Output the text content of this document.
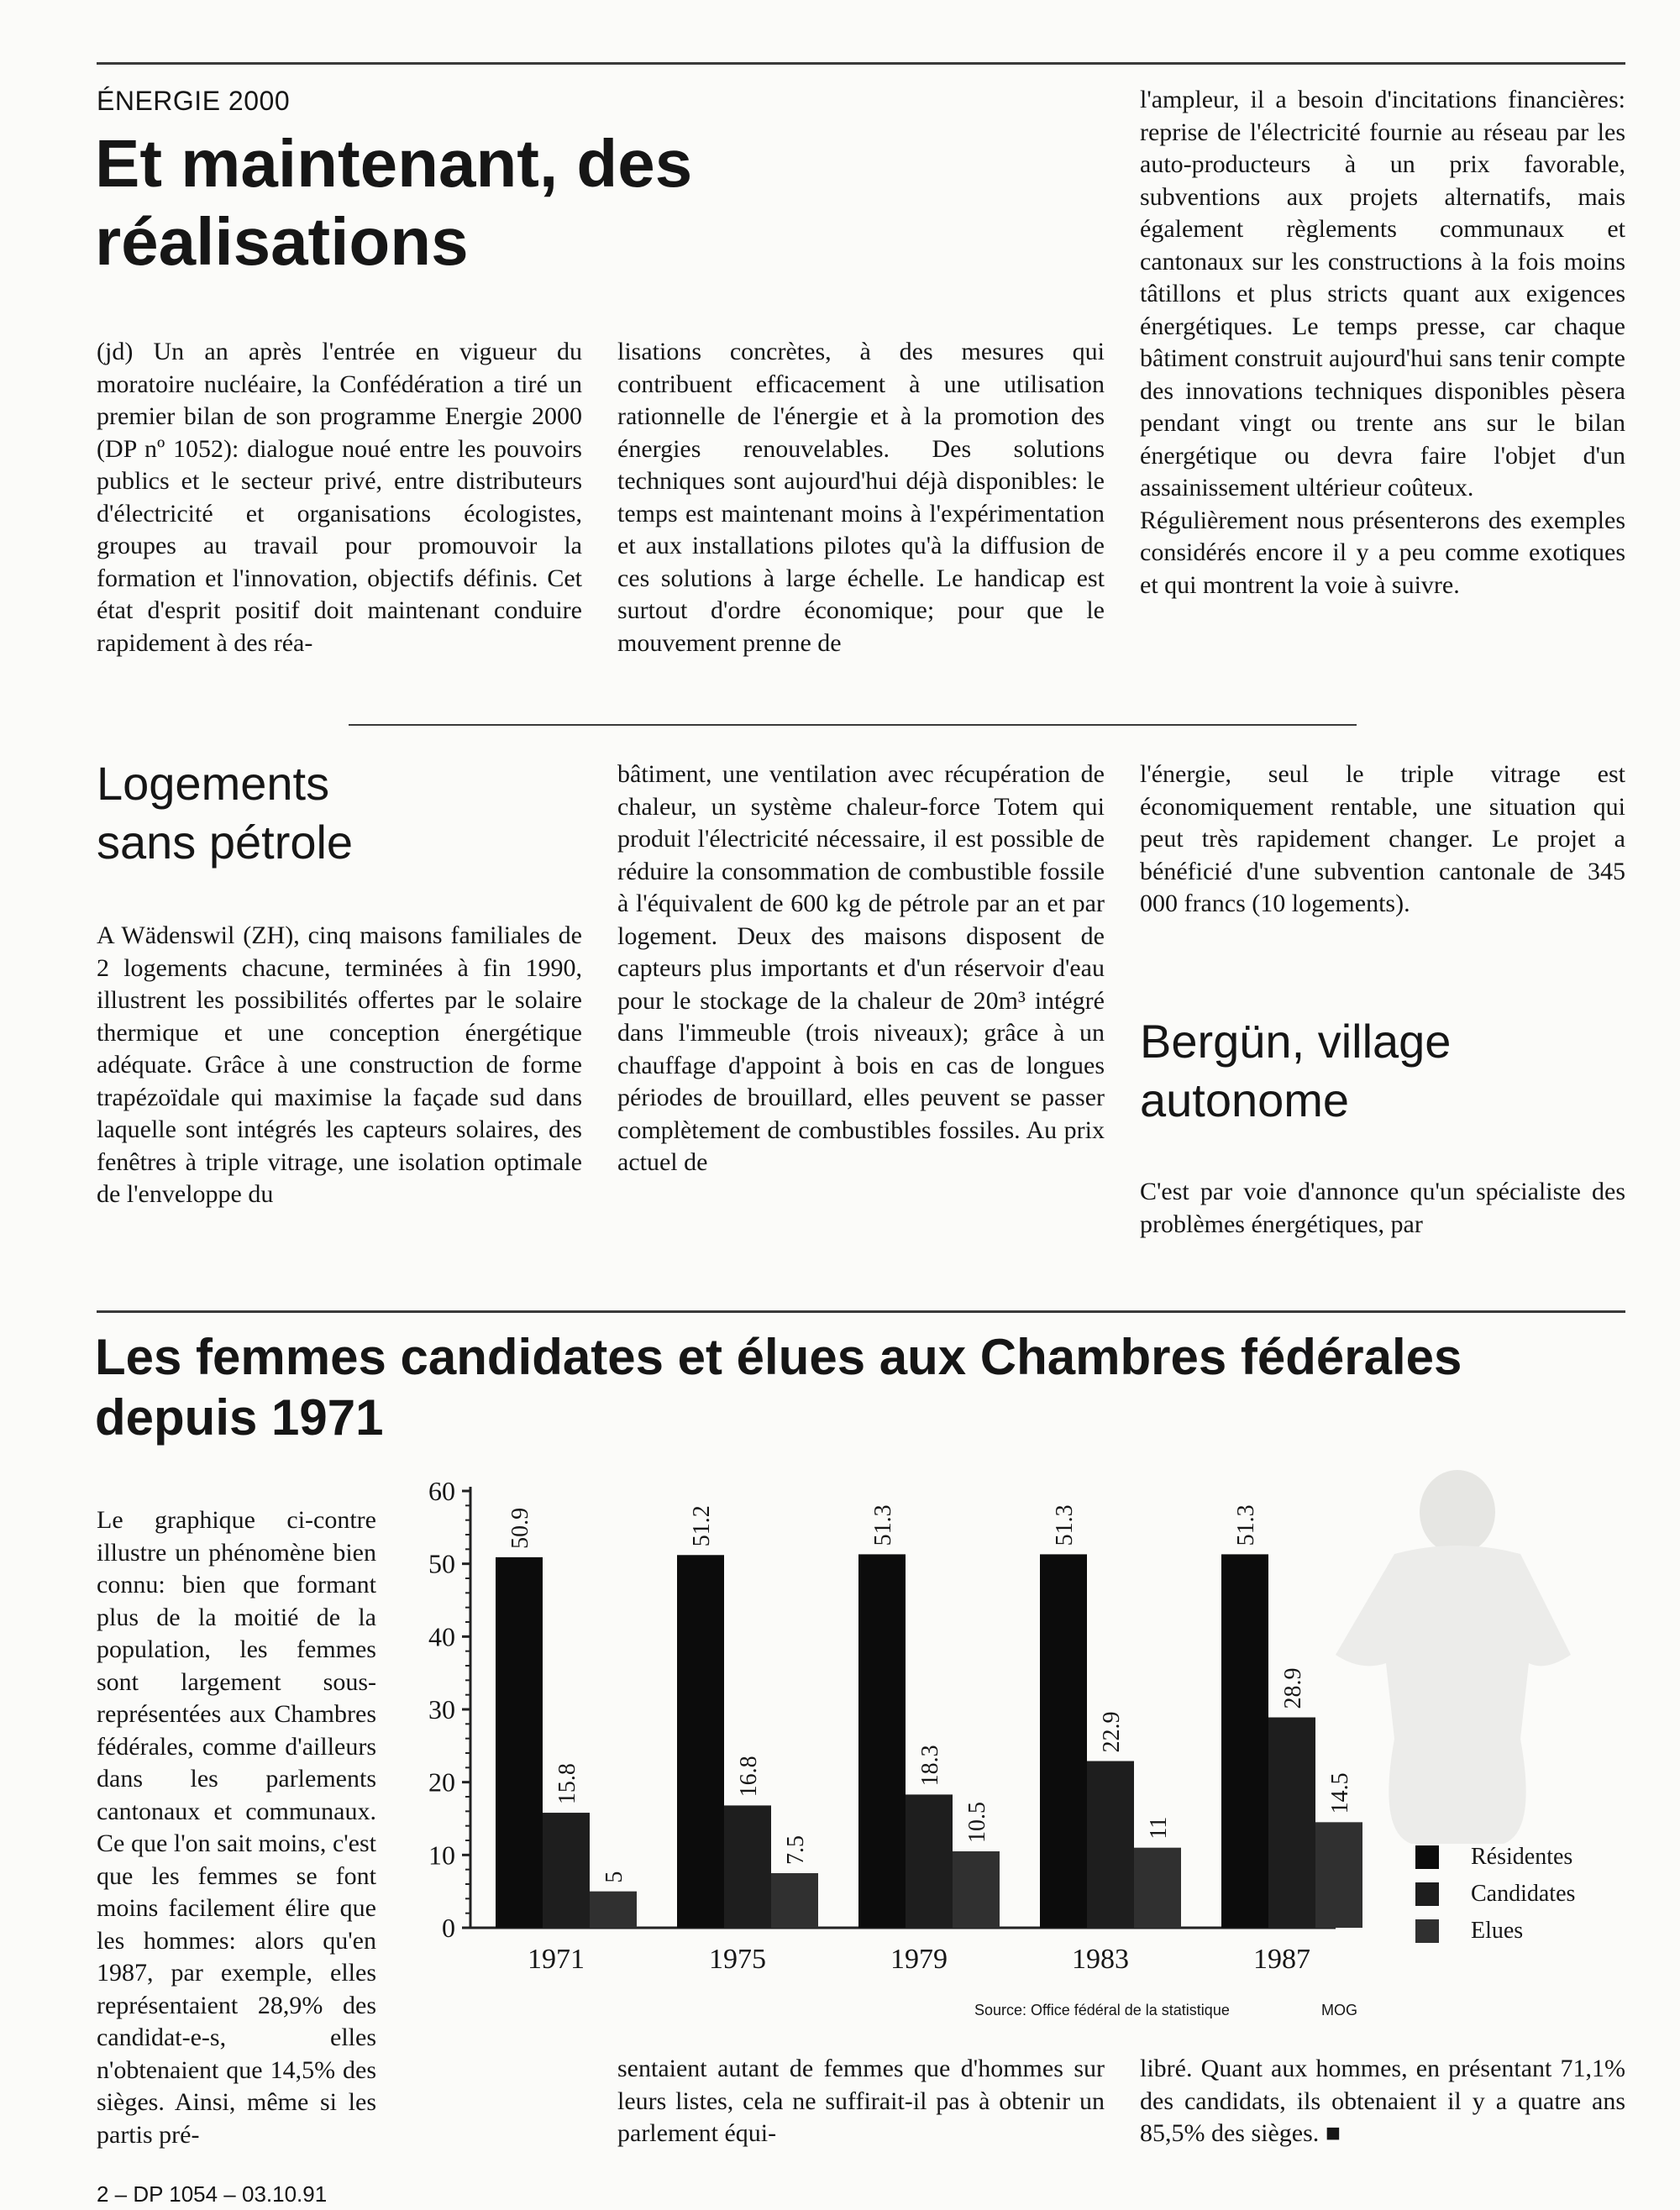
ÉNERGIE 2000
Et maintenant, des
réalisations

(jd) Un an après l'entrée en vigueur du moratoire nucléaire, la Confédération a tiré un premier bilan de son programme Energie 2000 (DP nº 1052): dialogue noué entre les pouvoirs publics et le secteur privé, entre distributeurs d'électricité et organisations écologistes, groupes au travail pour promouvoir la formation et l'innovation, objectifs définis. Cet état d'esprit positif doit maintenant conduire rapidement à des réa-

lisations concrètes, à des mesures qui contribuent efficacement à une utilisation rationnelle de l'énergie et à la promotion des énergies renouvelables. Des solutions techniques sont aujourd'hui déjà disponibles: le temps est maintenant moins à l'expérimentation et aux installations pilotes qu'à la diffusion de ces solutions à large échelle. Le handicap est surtout d'ordre économique; pour que le mouvement prenne de

l'ampleur, il a besoin d'incitations financières: reprise de l'électricité fournie au réseau par les auto-producteurs à un prix favorable, subventions aux projets alternatifs, mais également règlements communaux et cantonaux sur les constructions à la fois moins tâtillons et plus stricts quant aux exigences énergétiques. Le temps presse, car chaque bâtiment construit aujourd'hui sans tenir compte des innovations techniques disponibles pèsera pendant vingt ou trente ans sur le bilan énergétique ou devra faire l'objet d'un assainissement ultérieur coûteux.

Régulièrement nous présenterons des exemples considérés encore il y a peu comme exotiques et qui montrent la voie à suivre.

Logements
sans pétrole

A Wädenswil (ZH), cinq maisons familiales de 2 logements chacune, terminées à fin 1990, illustrent les possibilités offertes par le solaire thermique et une conception énergétique adéquate. Grâce à une construction de forme trapézoïdale qui maximise la façade sud dans laquelle sont intégrés les capteurs solaires, des fenêtres à triple vitrage, une isolation optimale de l'enveloppe du

bâtiment, une ventilation avec récupération de chaleur, un système chaleur-force Totem qui produit l'électricité nécessaire, il est possible de réduire la consommation de combustible fossile à l'équivalent de 600 kg de pétrole par an et par logement. Deux des maisons disposent de capteurs plus importants et d'un réservoir d'eau pour le stockage de la chaleur de 20m³ intégré dans l'immeuble (trois niveaux); grâce à un chauffage d'appoint à bois en cas de longues périodes de brouillard, elles peuvent se passer complètement de combustibles fossiles. Au prix actuel de

l'énergie, seul le triple vitrage est économiquement rentable, une situation qui peut très rapidement changer. Le projet a bénéficié d'une subvention cantonale de 345 000 francs (10 logements).

Bergün, village
autonome

C'est par voie d'annonce qu'un spécialiste des problèmes énergétiques, par

Les femmes candidates et élues aux Chambres fédérales
depuis 1971

Le graphique ci-contre illustre un phénomène bien connu: bien que formant plus de la moitié de la population, les femmes sont largement sous-représentées aux Chambres fédérales, comme d'ailleurs dans les parlements cantonaux et communaux. Ce que l'on sait moins, c'est que les femmes se font moins facilement élire que les hommes: alors qu'en 1987, par exemple, elles représentaient 28,9% des candidat-e-s, elles n'obtenaient que 14,5% des sièges. Ainsi, même si les partis pré-

sentaient autant de femmes que d'hommes sur leurs listes, cela ne suffirait-il pas à obtenir un parlement équi-

libré. Quant aux hommes, en présentant 71,1% des candidats, ils obtenaient il y a quatre ans 85,5% des sièges. ■

0
10
20
30
40
50
60
50.9
15.8
5
1971
51.2
16.8
7.5
1975
51.3
18.3
10.5
1979
51.3
22.9
11
1983
51.3
28.9
14.5
1987
Résidentes
Candidates
Elues
Source: Office fédéral de la statistique	MOG
2 – DP 1054 – 03.10.91
